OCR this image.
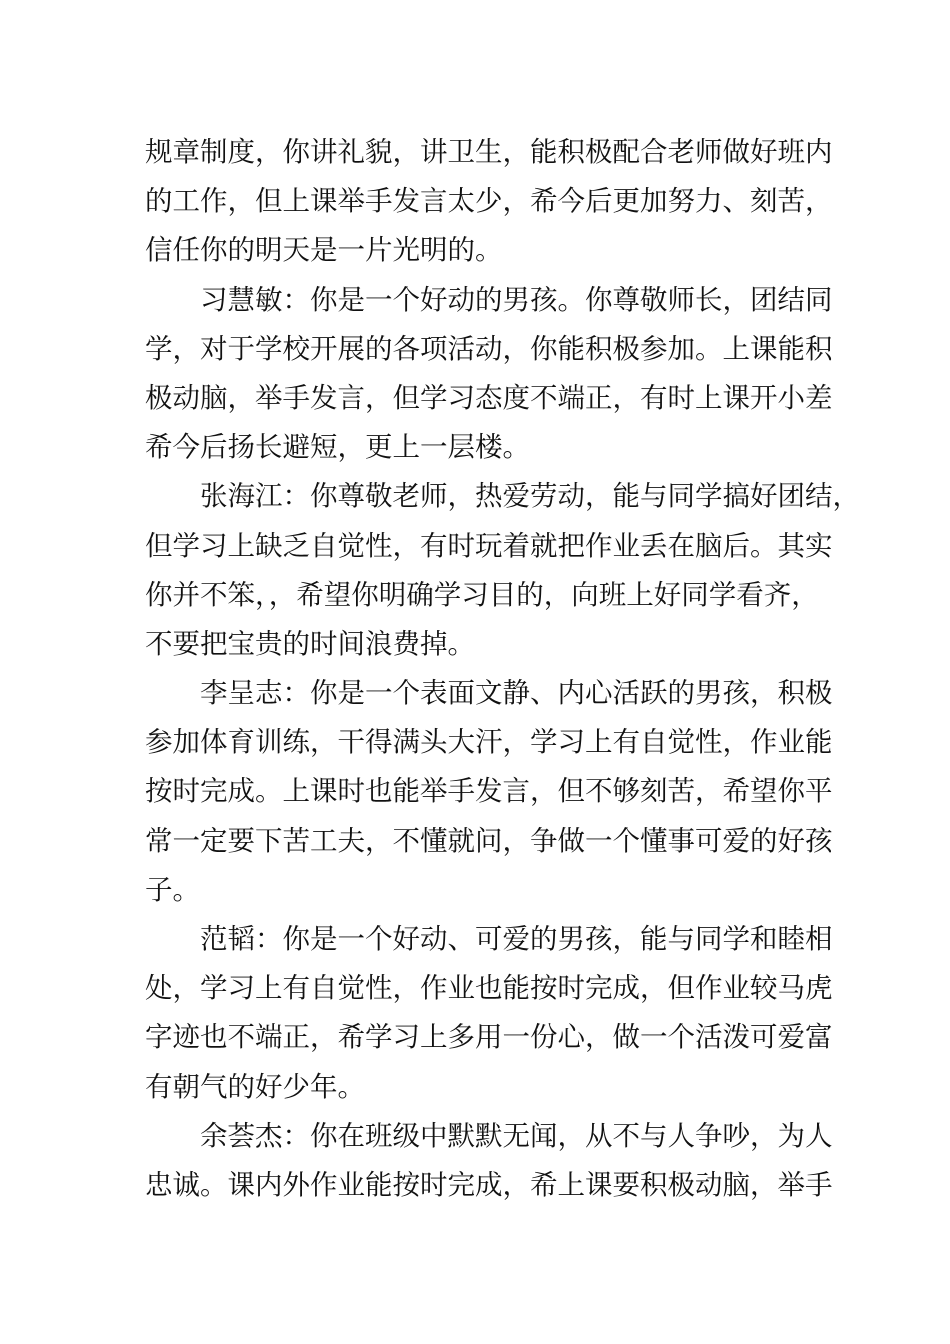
规章制度，你讲礼貌，讲卫生，能积极配合老师做好班内
的工作，但上课举手发言太少，希今后更加努力、刻苦，
信任你的明天是一片光明的。
习慧敏：你是一个好动的男孩。你尊敬师长，团结同
学，对于学校开展的各项活动，你能积极参加。上课能积
极动脑，举手发言，但学习态度不端正，有时上课开小差
希今后扬长避短，更上一层楼。
张海江：你尊敬老师，热爱劳动，能与同学搞好团结，
但学习上缺乏自觉性，有时玩着就把作业丢在脑后。其实
你并不笨，，希望你明确学习目的，向班上好同学看齐，
不要把宝贵的时间浪费掉。
李呈志：你是一个表面文静、内心活跃的男孩，积极
参加体育训练，干得满头大汗，学习上有自觉性，作业能
按时完成。上课时也能举手发言，但不够刻苦，希望你平
常一定要下苦工夫，不懂就问，争做一个懂事可爱的好孩
子。
范韬：你是一个好动、可爱的男孩，能与同学和睦相
处，学习上有自觉性，作业也能按时完成，但作业较马虎
字迹也不端正，希学习上多用一份心，做一个活泼可爱富
有朝气的好少年。
余荟杰：你在班级中默默无闻，从不与人争吵，为人
忠诚。课内外作业能按时完成，希上课要积极动脑，举手
